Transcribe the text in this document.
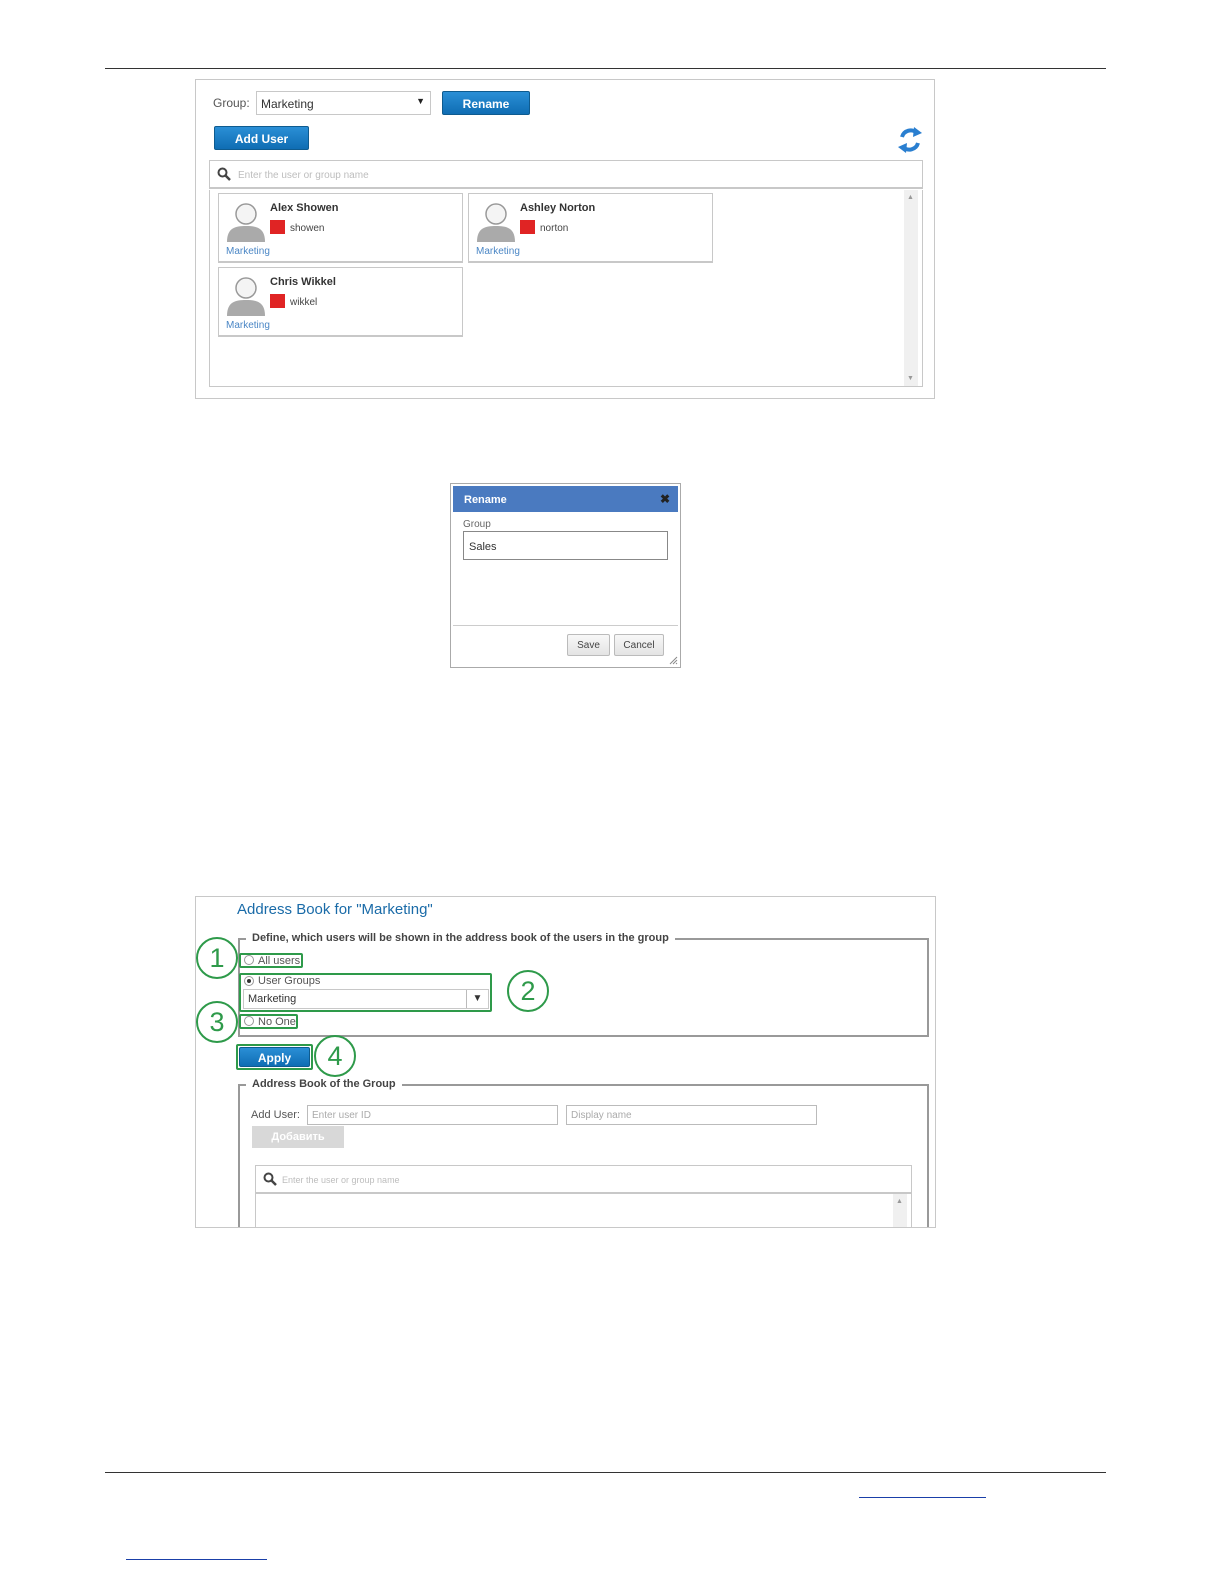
Group: Marketing	▼	Rename
Add User
Enter the user or group name
Alex Showen
showen
Marketing
Ashley Norton
norton
Marketing
Chris Wikkel
wikkel
Marketing
▲
▼
Rename	✖
Group
Sales
Save	Cancel
Address Book for "Marketing"
Define, which users will be shown in the address book of the users in the group
All users
User Groups
Marketing	▼
No One
1
2
3
4
Apply
Address Book of the Group
Add User:	Enter user ID	Display name
Добавить
Enter the user or group name
▲
